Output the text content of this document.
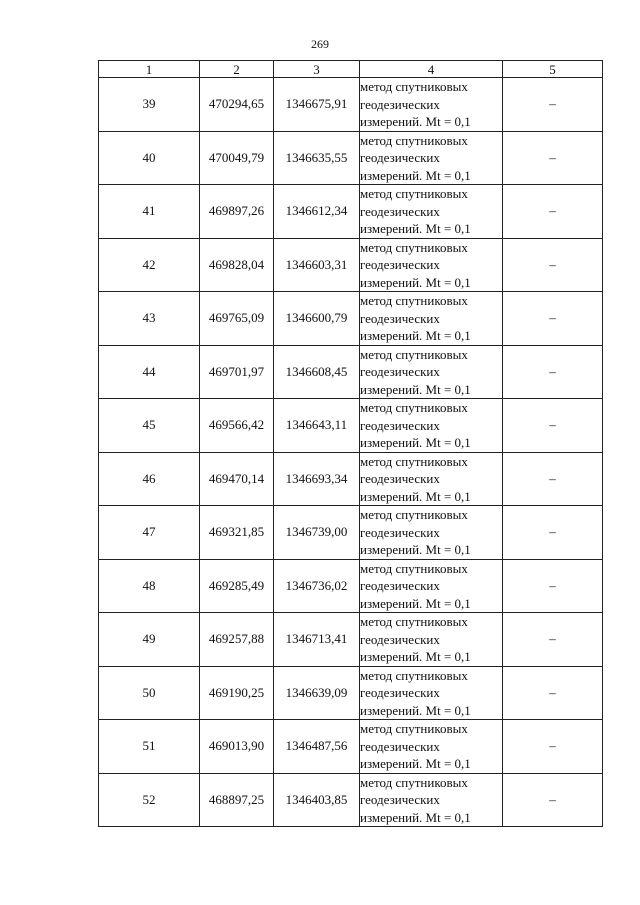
269
1	2	3	4	5
39	470294,65	1346675,91	метод спутниковых
геодезических
измерений. Mt = 0,1	–
40	470049,79	1346635,55	метод спутниковых
геодезических
измерений. Mt = 0,1	–
41	469897,26	1346612,34	метод спутниковых
геодезических
измерений. Mt = 0,1	–
42	469828,04	1346603,31	метод спутниковых
геодезических
измерений. Mt = 0,1	–
43	469765,09	1346600,79	метод спутниковых
геодезических
измерений. Mt = 0,1	–
44	469701,97	1346608,45	метод спутниковых
геодезических
измерений. Mt = 0,1	–
45	469566,42	1346643,11	метод спутниковых
геодезических
измерений. Mt = 0,1	–
46	469470,14	1346693,34	метод спутниковых
геодезических
измерений. Mt = 0,1	–
47	469321,85	1346739,00	метод спутниковых
геодезических
измерений. Mt = 0,1	–
48	469285,49	1346736,02	метод спутниковых
геодезических
измерений. Mt = 0,1	–
49	469257,88	1346713,41	метод спутниковых
геодезических
измерений. Mt = 0,1	–
50	469190,25	1346639,09	метод спутниковых
геодезических
измерений. Mt = 0,1	–
51	469013,90	1346487,56	метод спутниковых
геодезических
измерений. Mt = 0,1	–
52	468897,25	1346403,85	метод спутниковых
геодезических
измерений. Mt = 0,1	–
